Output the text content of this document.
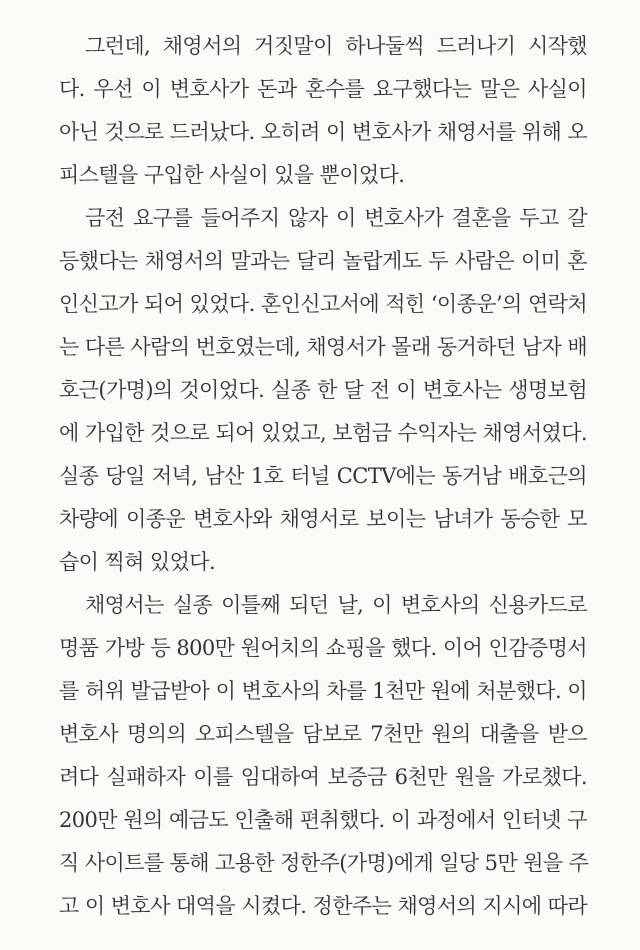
그런데, 채영서의 거짓말이 하나둘씩 드러나기 시작했
다. 우선 이 변호사가 돈과 혼수를 요구했다는 말은 사실이
아닌 것으로 드러났다. 오히려 이 변호사가 채영서를 위해 오
피스텔을 구입한 사실이 있을 뿐이었다.
금전 요구를 들어주지 않자 이 변호사가 결혼을 두고 갈
등했다는 채영서의 말과는 달리 놀랍게도 두 사람은 이미 혼
인신고가 되어 있었다. 혼인신고서에 적힌 ‘이종운’의 연락처
는 다른 사람의 번호였는데, 채영서가 몰래 동거하던 남자 배
호근(가명)의 것이었다. 실종 한 달 전 이 변호사는 생명보험
에 가입한 것으로 되어 있었고, 보험금 수익자는 채영서였다.
실종 당일 저녁, 남산 1호 터널 CCTV에는 동거남 배호근의
차량에 이종운 변호사와 채영서로 보이는 남녀가 동승한 모
습이 찍혀 있었다.
채영서는 실종 이틀째 되던 날, 이 변호사의 신용카드로
명품 가방 등 800만 원어치의 쇼핑을 했다. 이어 인감증명서
를 허위 발급받아 이 변호사의 차를 1천만 원에 처분했다. 이
변호사 명의의 오피스텔을 담보로 7천만 원의 대출을 받으
려다 실패하자 이를 임대하여 보증금 6천만 원을 가로챘다.
200만 원의 예금도 인출해 편취했다. 이 과정에서 인터넷 구
직 사이트를 통해 고용한 정한주(가명)에게 일당 5만 원을 주
고 이 변호사 대역을 시켰다. 정한주는 채영서의 지시에 따라
